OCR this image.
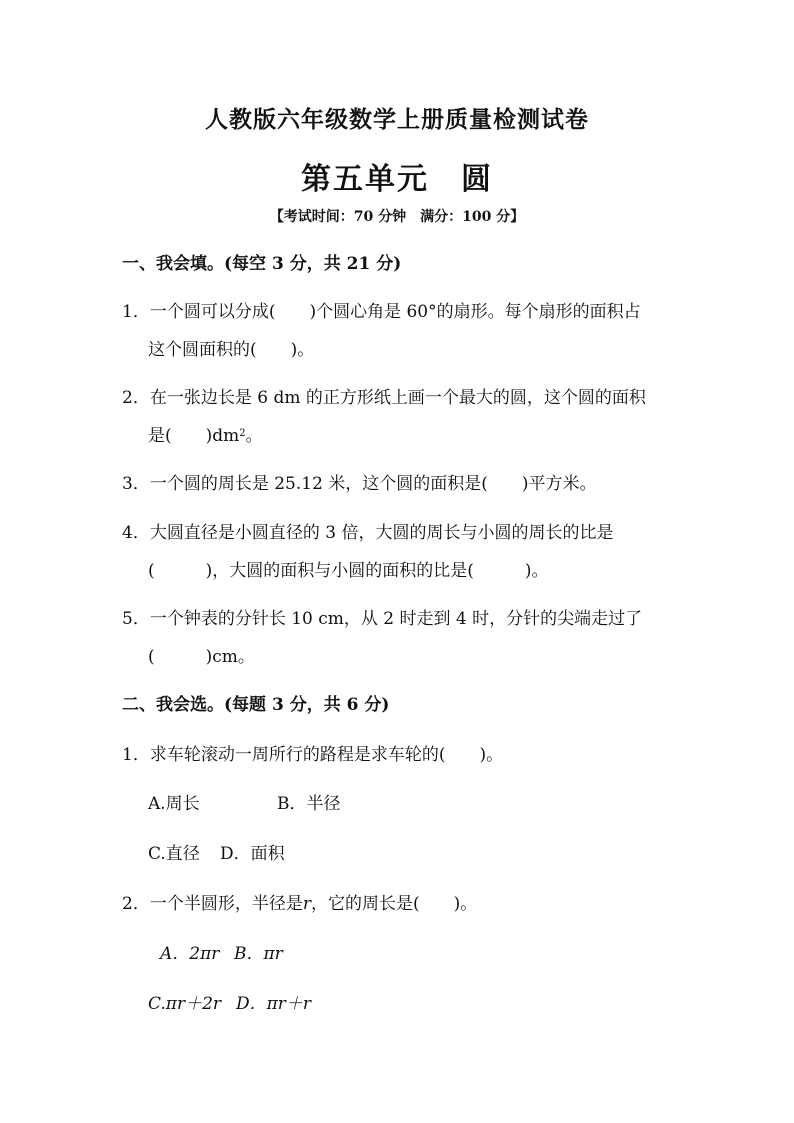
人教版六年级数学上册质量检测试卷
第五单元　圆
【考试时间：70 分钟　满分：100 分】
一、我会填。(每空 3 分，共 21 分)
1．一个圆可以分成(　　)个圆心角是 60°的扇形。每个扇形的面积占
这个圆面积的(　　)。
2．在一张边长是 6 dm 的正方形纸上画一个最大的圆，这个圆的面积
是(　　)$dm^2$。
3．一个圆的周长是 25.12 米，这个圆的面积是(　　)平方米。
4．大圆直径是小圆直径的 3 倍，大圆的周长与小圆的周长的比是
(　　　)，大圆的面积与小圆的面积的比是(　　　)。
5．一个钟表的分针长 10 cm，从 2 时走到 4 时，分针的尖端走过了
(　　　)cm。
二、我会选。(每题 3 分，共 6 分)
1．求车轮滚动一周所行的路程是求车轮的(　　)。
A.周长	B．半径
C.直径 D．面积
2．一个半圆形，半径是r，它的周长是(　　)。
A．2πr B．πr
C.πr＋2r D．πr＋r
